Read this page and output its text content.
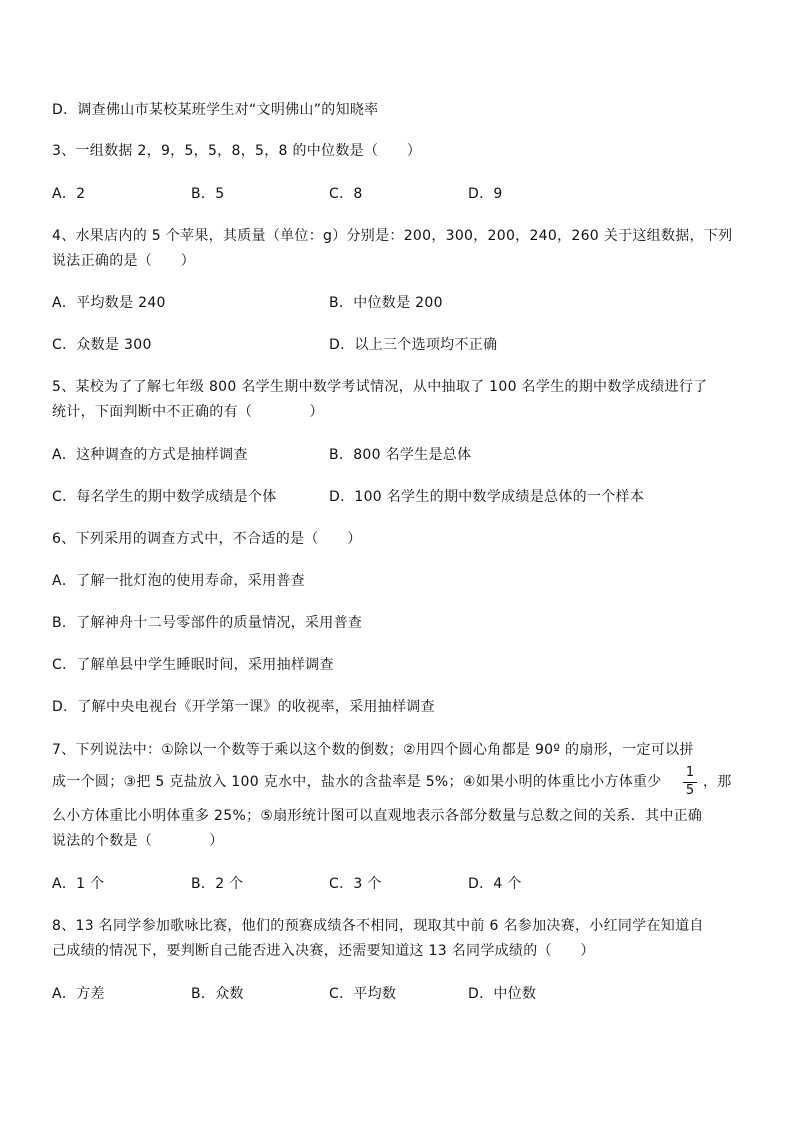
D．调查佛山市某校某班学生对“文明佛山”的知晓率
3、一组数据 2，9，5，5，8，5，8 的中位数是（　　）
A．2	B．5	C．8	D．9
4、水果店内的 5 个苹果，其质量（单位：g）分别是：200，300，200，240，260 关于这组数据，下列
说法正确的是（　　）
A．平均数是 240	B．中位数是 200
C．众数是 300	D．以上三个选项均不正确
5、某校为了了解七年级 800 名学生期中数学考试情况，从中抽取了 100 名学生的期中数学成绩进行了
统计，下面判断中不正确的有（　　　　）
A．这种调查的方式是抽样调查	B．800 名学生是总体
C．每名学生的期中数学成绩是个体	D．100 名学生的期中数学成绩是总体的一个样本
6、下列采用的调查方式中，不合适的是（　　）
A．了解一批灯泡的使用寿命，采用普查
B．了解神舟十二号零部件的质量情况，采用普查
C．了解单县中学生睡眠时间，采用抽样调查
D．了解中央电视台《开学第一课》的收视率，采用抽样调查
7、下列说法中：①除以一个数等于乘以这个数的倒数；②用四个圆心角都是 90º 的扇形，一定可以拼
成一个圆；③把 5 克盐放入 100 克水中，盐水的含盐率是 5%；④如果小明的体重比小方体重少
1
5
，那
么小方体重比小明体重多 25%；⑤扇形统计图可以直观地表示各部分数量与总数之间的关系．其中正确
说法的个数是（　　　　）
A．1 个	B．2 个	C．3 个	D．4 个
8、13 名同学参加歌咏比赛，他们的预赛成绩各不相同，现取其中前 6 名参加决赛，小红同学在知道自
己成绩的情况下，要判断自己能否进入决赛，还需要知道这 13 名同学成绩的（　　）
A．方差	B．众数	C．平均数	D．中位数
